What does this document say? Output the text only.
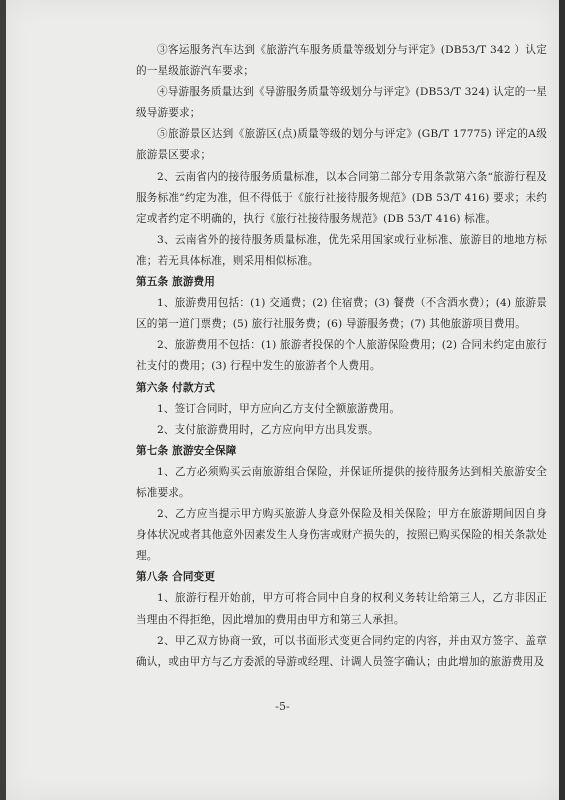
③客运服务汽车达到《旅游汽车服务质量等级划分与评定》(DB53/T 342 ）认定的一星级旅游汽车要求；

④导游服务质量达到《导游服务质量等级划分与评定》(DB53/T 324) 认定的一星级导游要求；

⑤旅游景区达到《旅游区(点)质量等级的划分与评定》(GB/T 17775) 评定的A级旅游景区要求；

2、云南省内的接待服务质量标准，以本合同第二部分专用条款第六条“旅游行程及服务标准”约定为准，但不得低于《旅行社接待服务规范》(DB 53/T 416) 要求；未约定或者约定不明确的，执行《旅行社接待服务规范》(DB 53/T 416) 标准。

3、云南省外的接待服务质量标准，优先采用国家或行业标准、旅游目的地地方标准；若无具体标准，则采用相似标准。

第五条 旅游费用

1、旅游费用包括：(1) 交通费；(2) 住宿费；(3) 餐费（不含酒水费）；(4) 旅游景区的第一道门票费；(5) 旅行社服务费；(6) 导游服务费；(7) 其他旅游项目费用。

2、旅游费用不包括：(1) 旅游者投保的个人旅游保险费用；(2) 合同未约定由旅行社支付的费用；(3) 行程中发生的旅游者个人费用。

第六条 付款方式

1、签订合同时，甲方应向乙方支付全额旅游费用。

2、支付旅游费用时，乙方应向甲方出具发票。

第七条 旅游安全保障

1、乙方必须购买云南旅游组合保险，并保证所提供的接待服务达到相关旅游安全标准要求。

2、乙方应当提示甲方购买旅游人身意外保险及相关保险；甲方在旅游期间因自身身体状况或者其他意外因素发生人身伤害或财产损失的，按照已购买保险的相关条款处理。

第八条 合同变更

1、旅游行程开始前，甲方可将合同中自身的权利义务转让给第三人，乙方非因正当理由不得拒绝，因此增加的费用由甲方和第三人承担。

2、甲乙双方协商一致，可以书面形式变更合同约定的内容，并由双方签字、盖章确认，或由甲方与乙方委派的导游或经理、计调人员签字确认；由此增加的旅游费用及

-5-
